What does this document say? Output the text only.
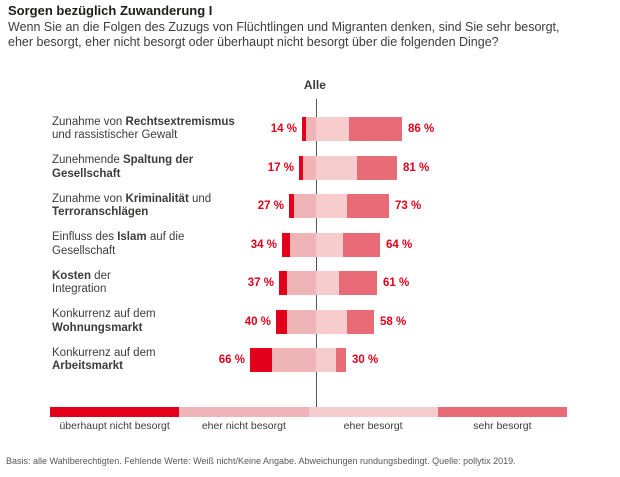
Sorgen bezüglich Zuwanderung I
Wenn Sie an die Folgen des Zuzugs von Flüchtlingen und Migranten denken, sind Sie sehr besorgt, eher besorgt, eher nicht besorgt oder überhaupt nicht besorgt über die folgenden Dinge?
Alle
Zunahme von Rechtsextremismus
und rassistischer Gewalt	14 %	86 %
Zunehmende Spaltung der
Gesellschaft	17 %	81 %
Zunahme von Kriminalität und
Terroranschlägen	27 %	73 %
Einfluss des Islam auf die
Gesellschaft	34 %	64 %
Kosten der
Integration	37 %	61 %
Konkurrenz auf dem
Wohnungsmarkt	40 %	58 %
Konkurrenz auf dem
Arbeitsmarkt	66 %	30 %
überhaupt nicht besorgt	eher nicht besorgt	eher besorgt	sehr besorgt
Basis: alle Wahlberechtigten. Fehlende Werte: Weiß nicht/Keine Angabe. Abweichungen rundungsbedingt. Quelle: pollytix 2019.
